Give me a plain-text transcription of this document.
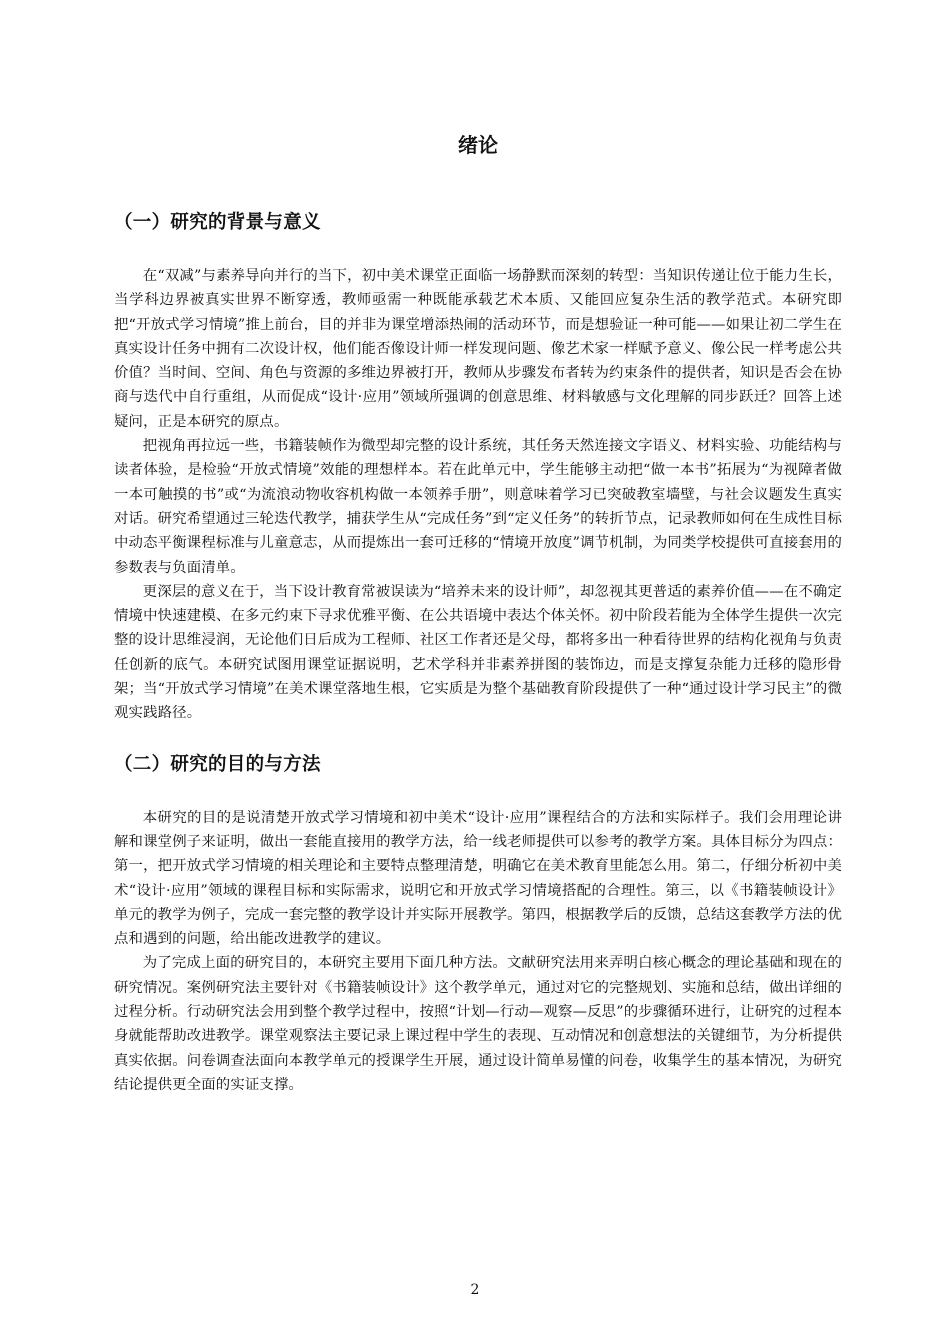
绪论
（一）研究的背景与意义

在“双减”与素养导向并行的当下，初中美术课堂正面临一场静默而深刻的转型：当知识传递让位于能力生长，当学科边界被真实世界不断穿透，教师亟需一种既能承载艺术本质、又能回应复杂生活的教学范式。本研究即把“开放式学习情境”推上前台，目的并非为课堂增添热闹的活动环节，而是想验证一种可能——如果让初二学生在真实设计任务中拥有二次设计权，他们能否像设计师一样发现问题、像艺术家一样赋予意义、像公民一样考虑公共价值？当时间、空间、角色与资源的多维边界被打开，教师从步骤发布者转为约束条件的提供者，知识是否会在协商与迭代中自行重组，从而促成“设计·应用”领域所强调的创意思维、材料敏感与文化理解的同步跃迁？回答上述疑问，正是本研究的原点。

把视角再拉远一些，书籍装帧作为微型却完整的设计系统，其任务天然连接文字语义、材料实验、功能结构与读者体验，是检验“开放式情境”效能的理想样本。若在此单元中，学生能够主动把“做一本书”拓展为“为视障者做一本可触摸的书”或“为流浪动物收容机构做一本领养手册”，则意味着学习已突破教室墙壁，与社会议题发生真实对话。研究希望通过三轮迭代教学，捕获学生从“完成任务”到“定义任务”的转折节点，记录教师如何在生成性目标中动态平衡课程标准与儿童意志，从而提炼出一套可迁移的“情境开放度”调节机制，为同类学校提供可直接套用的参数表与负面清单。

更深层的意义在于，当下设计教育常被误读为“培养未来的设计师”，却忽视其更普适的素养价值——在不确定情境中快速建模、在多元约束下寻求优雅平衡、在公共语境中表达个体关怀。初中阶段若能为全体学生提供一次完整的设计思维浸润，无论他们日后成为工程师、社区工作者还是父母，都将多出一种看待世界的结构化视角与负责任创新的底气。本研究试图用课堂证据说明，艺术学科并非素养拼图的装饰边，而是支撑复杂能力迁移的隐形骨架；当“开放式学习情境”在美术课堂落地生根，它实质是为整个基础教育阶段提供了一种“通过设计学习民主”的微观实践路径。

（二）研究的目的与方法

本研究的目的是说清楚开放式学习情境和初中美术“设计·应用”课程结合的方法和实际样子。我们会用理论讲解和课堂例子来证明，做出一套能直接用的教学方法，给一线老师提供可以参考的教学方案。具体目标分为四点：第一，把开放式学习情境的相关理论和主要特点整理清楚，明确它在美术教育里能怎么用。第二，仔细分析初中美术“设计·应用”领域的课程目标和实际需求，说明它和开放式学习情境搭配的合理性。第三，以《书籍装帧设计》单元的教学为例子，完成一套完整的教学设计并实际开展教学。第四，根据教学后的反馈，总结这套教学方法的优点和遇到的问题，给出能改进教学的建议。

为了完成上面的研究目的，本研究主要用下面几种方法。文献研究法用来弄明白核心概念的理论基础和现在的研究情况。案例研究法主要针对《书籍装帧设计》这个教学单元，通过对它的完整规划、实施和总结，做出详细的过程分析。行动研究法会用到整个教学过程中，按照“计划—行动—观察—反思”的步骤循环进行，让研究的过程本身就能帮助改进教学。课堂观察法主要记录上课过程中学生的表现、互动情况和创意想法的关键细节，为分析提供真实依据。问卷调查法面向本教学单元的授课学生开展，通过设计简单易懂的问卷，收集学生的基本情况，为研究结论提供更全面的实证支撑。

2
